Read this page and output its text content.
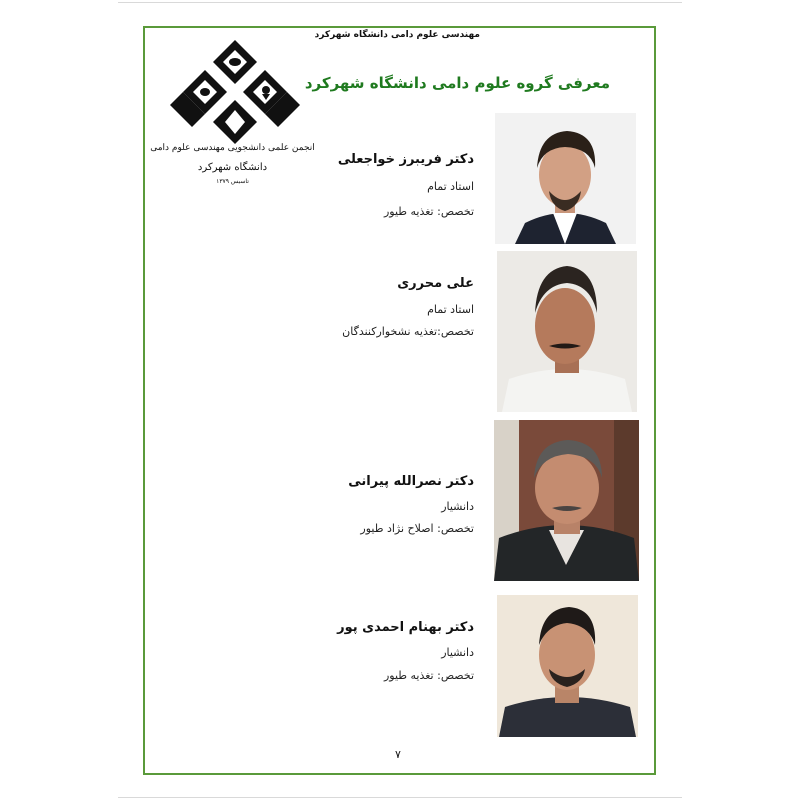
مهندسی علوم دامی دانشگاه شهرکرد
انجمن علمی دانشجویی مهندسی علوم دامی
دانشگاه شهرکرد
تاسیس ۱۳۷۹
معرفی گروه علوم دامی دانشگاه شهرکرد
دکتر فریبرز خواجعلی
استاد تمام
تخصص: تغذیه طیور
علی محرری
استاد تمام
تخصص:تغذیه نشخوارکنندگان
دکتر نصرالله پیرانی
دانشیار
تخصص: اصلاح نژاد طیور
دکتر بهنام احمدی پور
دانشیار
تخصص: تغذیه طیور
۷
